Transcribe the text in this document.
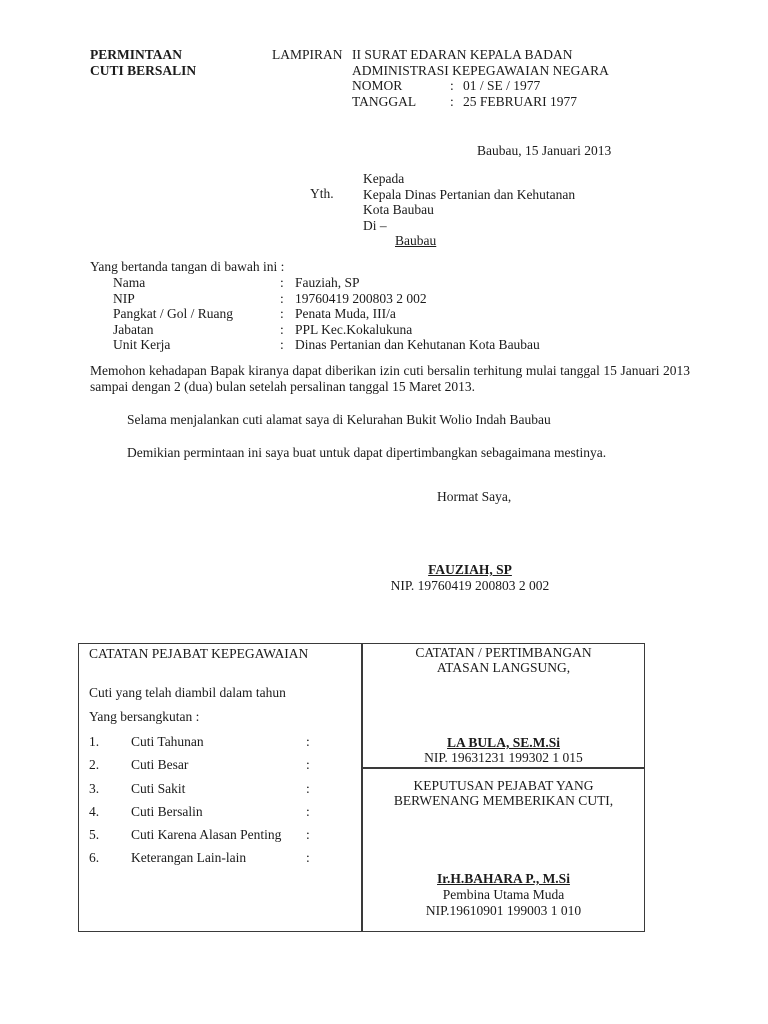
PERMINTAAN
CUTI BERSALIN
LAMPIRAN II SURAT EDARAN KEPALA BADAN
ADMINISTRASI KEPEGAWAIAN NEGARA
NOMOR	: 01 / SE / 1977
TANGGAL	: 25 FEBRUARI 1977
Baubau, 15 Januari 2013
Yth.
Kepada
Kepala Dinas Pertanian dan Kehutanan
Kota Baubau
Di –
Baubau
Yang bertanda tangan di bawah ini :
Nama	: Fauziah, SP
NIP	: 19760419 200803 2 002
Pangkat / Gol / Ruang	: Penata Muda, III/a
Jabatan	: PPL Kec.Kokalukuna
Unit Kerja	: Dinas Pertanian dan Kehutanan Kota Baubau
Memohon kehadapan Bapak kiranya dapat diberikan izin cuti bersalin terhitung mulai tanggal 15 Januari 2013 sampai dengan 2 (dua) bulan setelah persalinan tanggal 15 Maret 2013.
Selama menjalankan cuti alamat saya di Kelurahan Bukit Wolio Indah Baubau
Demikian permintaan ini saya buat untuk dapat dipertimbangkan sebagaimana mestinya.
Hormat Saya,
FAUZIAH, SP
NIP. 19760419 200803 2 002
CATATAN PEJABAT KEPEGAWAIAN
Cuti yang telah diambil dalam tahun
Yang bersangkutan :
1.	Cuti Tahunan	:
2.	Cuti Besar	:
3.	Cuti Sakit	:
4.	Cuti Bersalin	:
5.	Cuti Karena Alasan Penting	:
6.	Keterangan Lain-lain	:
CATATAN / PERTIMBANGAN
ATASAN LANGSUNG,
LA BULA, SE.M.Si
NIP. 19631231 199302 1 015
KEPUTUSAN PEJABAT YANG
BERWENANG MEMBERIKAN CUTI,
Ir.H.BAHARA P., M.Si
Pembina Utama Muda
NIP.19610901 199003 1 010
